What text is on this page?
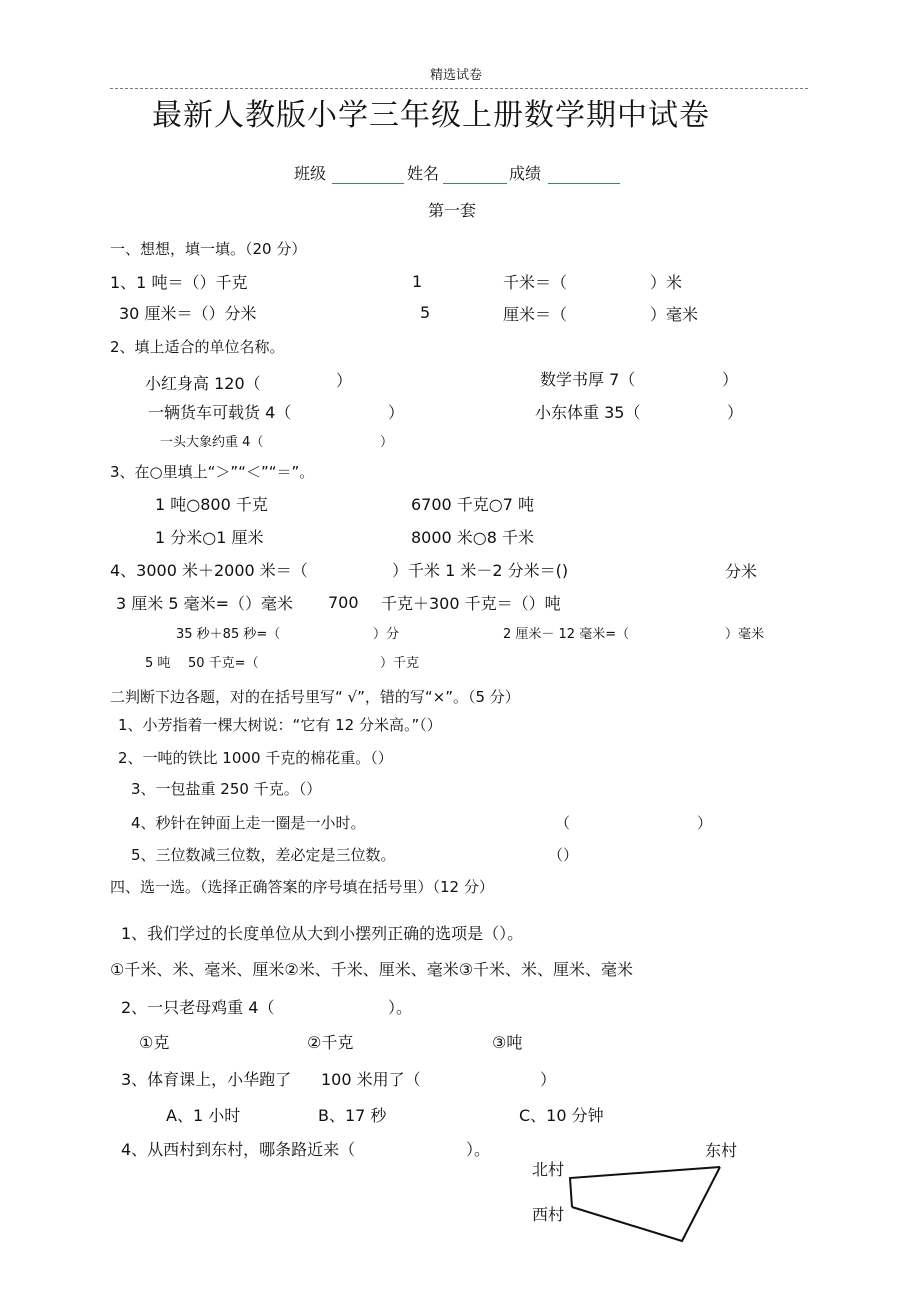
精选试卷
最新人教版小学三年级上册数学期中试卷
班级	姓名	成绩
第一套
一、想想，填一填。（20 分）
1、1 吨＝（）千克	1	千米＝（	）米
30 厘米＝（）分米	5	厘米＝（	）毫米
2、填上适合的单位名称。
小红身高 120（	）	数学书厚 7（	）
一辆货车可载货 4（	）	小东体重 35（	）
一头大象约重 4（	）
3、在○里填上“＞”“＜”“＝”。
1 吨○800 千克	6700 千克○7 吨
1 分米○1 厘米	8000 米○8 千米
4、3000 米＋2000 米＝（	）千米 1 米－2 分米＝()	分米
3 厘米 5 毫米=（）毫米 700 千克＋300 千克＝（）吨
35 秒＋85 秒=（	）分	2 厘米－ 12 毫米=（	）毫米
5 吨 50 千克=（	）千克
二判断下边各题，对的在括号里写“ √”，错的写“×”。（5 分）
1、小芳指着一棵大树说：“它有 12 分米高。”（）
2、一吨的铁比 1000 千克的棉花重。（）
3、一包盐重 250 千克。（）
4、秒针在钟面上走一圈是一小时。	（	）
5、三位数减三位数，差必定是三位数。	（）
四、选一选。（选择正确答案的序号填在括号里）（12 分）
1、我们学过的长度单位从大到小摆列正确的选项是（）。
①千米、米、毫米、厘米②米、千米、厘米、毫米③千米、米、厘米、毫米
2、一只老母鸡重 4（	）。
①克	②千克	③吨
3、体育课上，小华跑了 100 米用了（	）
A、1 小时	B、17 秒	C、10 分钟
4、从西村到东村，哪条路近来（	）。	东村
北村
西村
